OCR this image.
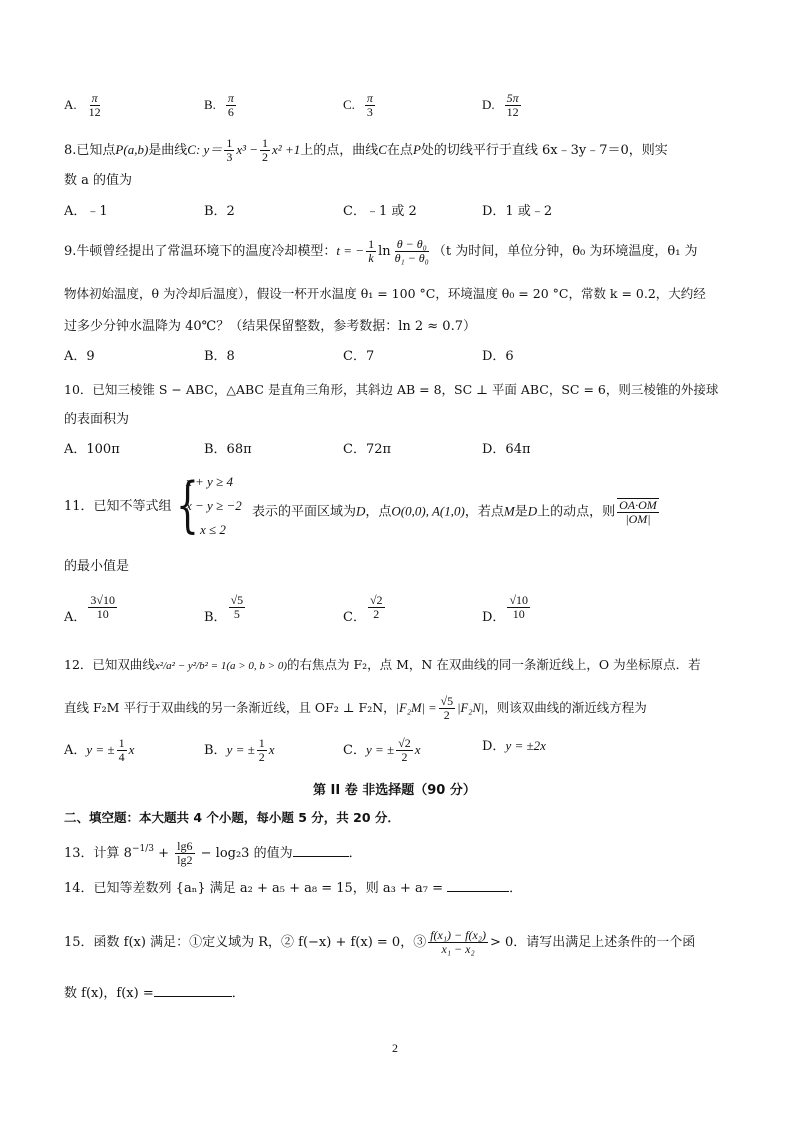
A. $\frac{\pi}{12}$	B. $\frac{\pi}{6}$	C. $\frac{\pi}{3}$	D. $\frac{5\pi}{12}$
8.已知点P(a,b)是曲线C: $y= \frac{1}{3} x^3 - \frac{1}{2} x^2 +1$上的点，曲线C在点P处的切线平行于直线 6x﹣3y﹣7＝0，则实
数 a 的值为
A．﹣1	B．2	C．﹣1 或 2	D．1 或﹣2
9.牛顿曾经提出了常温环境下的温度冷却模型：t = − $\frac{1}{k}$ $\ln \frac{\text{θ − θ₀}}{\text{θ₁ − θ₀}} (t$ 为时间，单位分钟，θ₀ 为环境温度，θ₁ 为
物体初始温度，θ 为冷却后温度），假设一杯开水温度 θ₁ = 100 °C，环境温度 θ₀ = 20 °C，常数 k = 0.2，大约经
过多少分钟水温降为 40℃？（结果保留整数，参考数据：ln 2 ≈ 0.7）
A．9	B．8	C．7	D．6
10．已知三棱锥 S − ABC，△ABC 是直角三角形，其斜边 AB = 8，SC ⊥ 平面 ABC，SC = 6，则三棱锥的外接球
的表面积为
A．100π	B．68π	C．72π	D．64π
11．已知不等式组 {
x + y ≥ 4
x − y ≥ −2
x ≤ 2
表示的平面区域为D，点O(0,0), A(1,0)，若点M是D上的动点，则 $\frac{OA\cdot OM}{|OM|}$
的最小值是
A． $\frac{3√10}{10}$	B． $\frac{√5}{5}$	C． $\frac{√2}{2}$	D． $\frac{√10}{10}$
12．已知双曲线x²/a² − y²/b² = 1(a > 0, b > 0)的右焦点为 F₂，点 M，N 在双曲线的同一条渐近线上，O 为坐标原点．若
直线 F₂M 平行于双曲线的另一条渐近线，且 OF₂ ⊥ F₂N，$|F_2M| = \frac{√5}{2} |F_2N|$，则该双曲线的渐近线方程为
A．y = ± $\frac{1}{4}$ x	B．y = ± $\frac{1}{2}$ x	C．y = ± $\frac{√2}{2}$ x	D．y = ±2x
第 II 卷 非选择题（90 分）
二、填空题：本大题共 4 个小题，每小题 5 分，共 20 分．
13．计算 $8^{-1/3} + \frac{\lg 6}{\lg 2} - \log_23$ 的值为	．
14．已知等差数列 {aₙ} 满足 a₂ + a₅ + a₈ = 15，则 a₃ + a₇ =	．
15．函数 f(x) 满足：①定义域为 R，② f(−x) + f(x) = 0，③ $\frac{\text{f(x₁) − f(x₂)}}{\text{x₁ − x₂}} > 0$．请写出满足上述条件的一个函
数 f(x)，f(x) =	．
2
